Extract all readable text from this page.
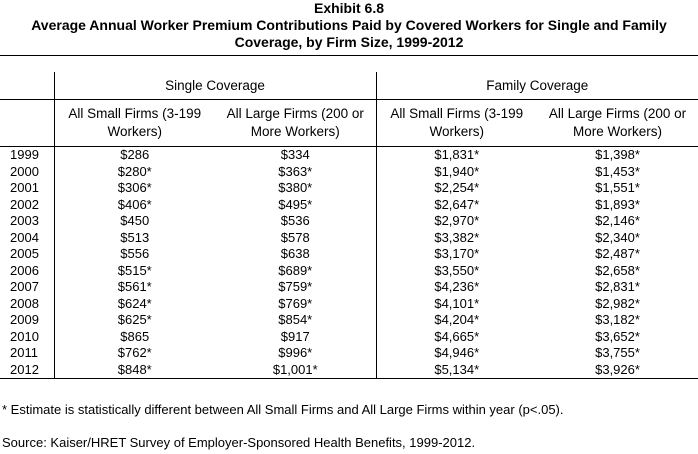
Exhibit 6.8
Average Annual Worker Premium Contributions Paid by Covered Workers for Single and Family Coverage, by Firm Size, 1999-2012
	Single Coverage		Family Coverage	
	All Small Firms (3-199 Workers)	All Large Firms (200 or More Workers)	All Small Firms (3-199 Workers)	All Large Firms (200 or More Workers)
1999	$286	$334	$1,831*	$1,398*
2000	$280*	$363*	$1,940*	$1,453*
2001	$306*	$380*	$2,254*	$1,551*
2002	$406*	$495*	$2,647*	$1,893*
2003	$450	$536	$2,970*	$2,146*
2004	$513	$578	$3,382*	$2,340*
2005	$556	$638	$3,170*	$2,487*
2006	$515*	$689*	$3,550*	$2,658*
2007	$561*	$759*	$4,236*	$2,831*
2008	$624*	$769*	$4,101*	$2,982*
2009	$625*	$854*	$4,204*	$3,182*
2010	$865	$917	$4,665*	$3,652*
2011	$762*	$996*	$4,946*	$3,755*
2012	$848*	$1,001*	$5,134*	$3,926*
* Estimate is statistically different between All Small Firms and All Large Firms within year (p<.05).
Source: Kaiser/HRET Survey of Employer-Sponsored Health Benefits, 1999-2012.
